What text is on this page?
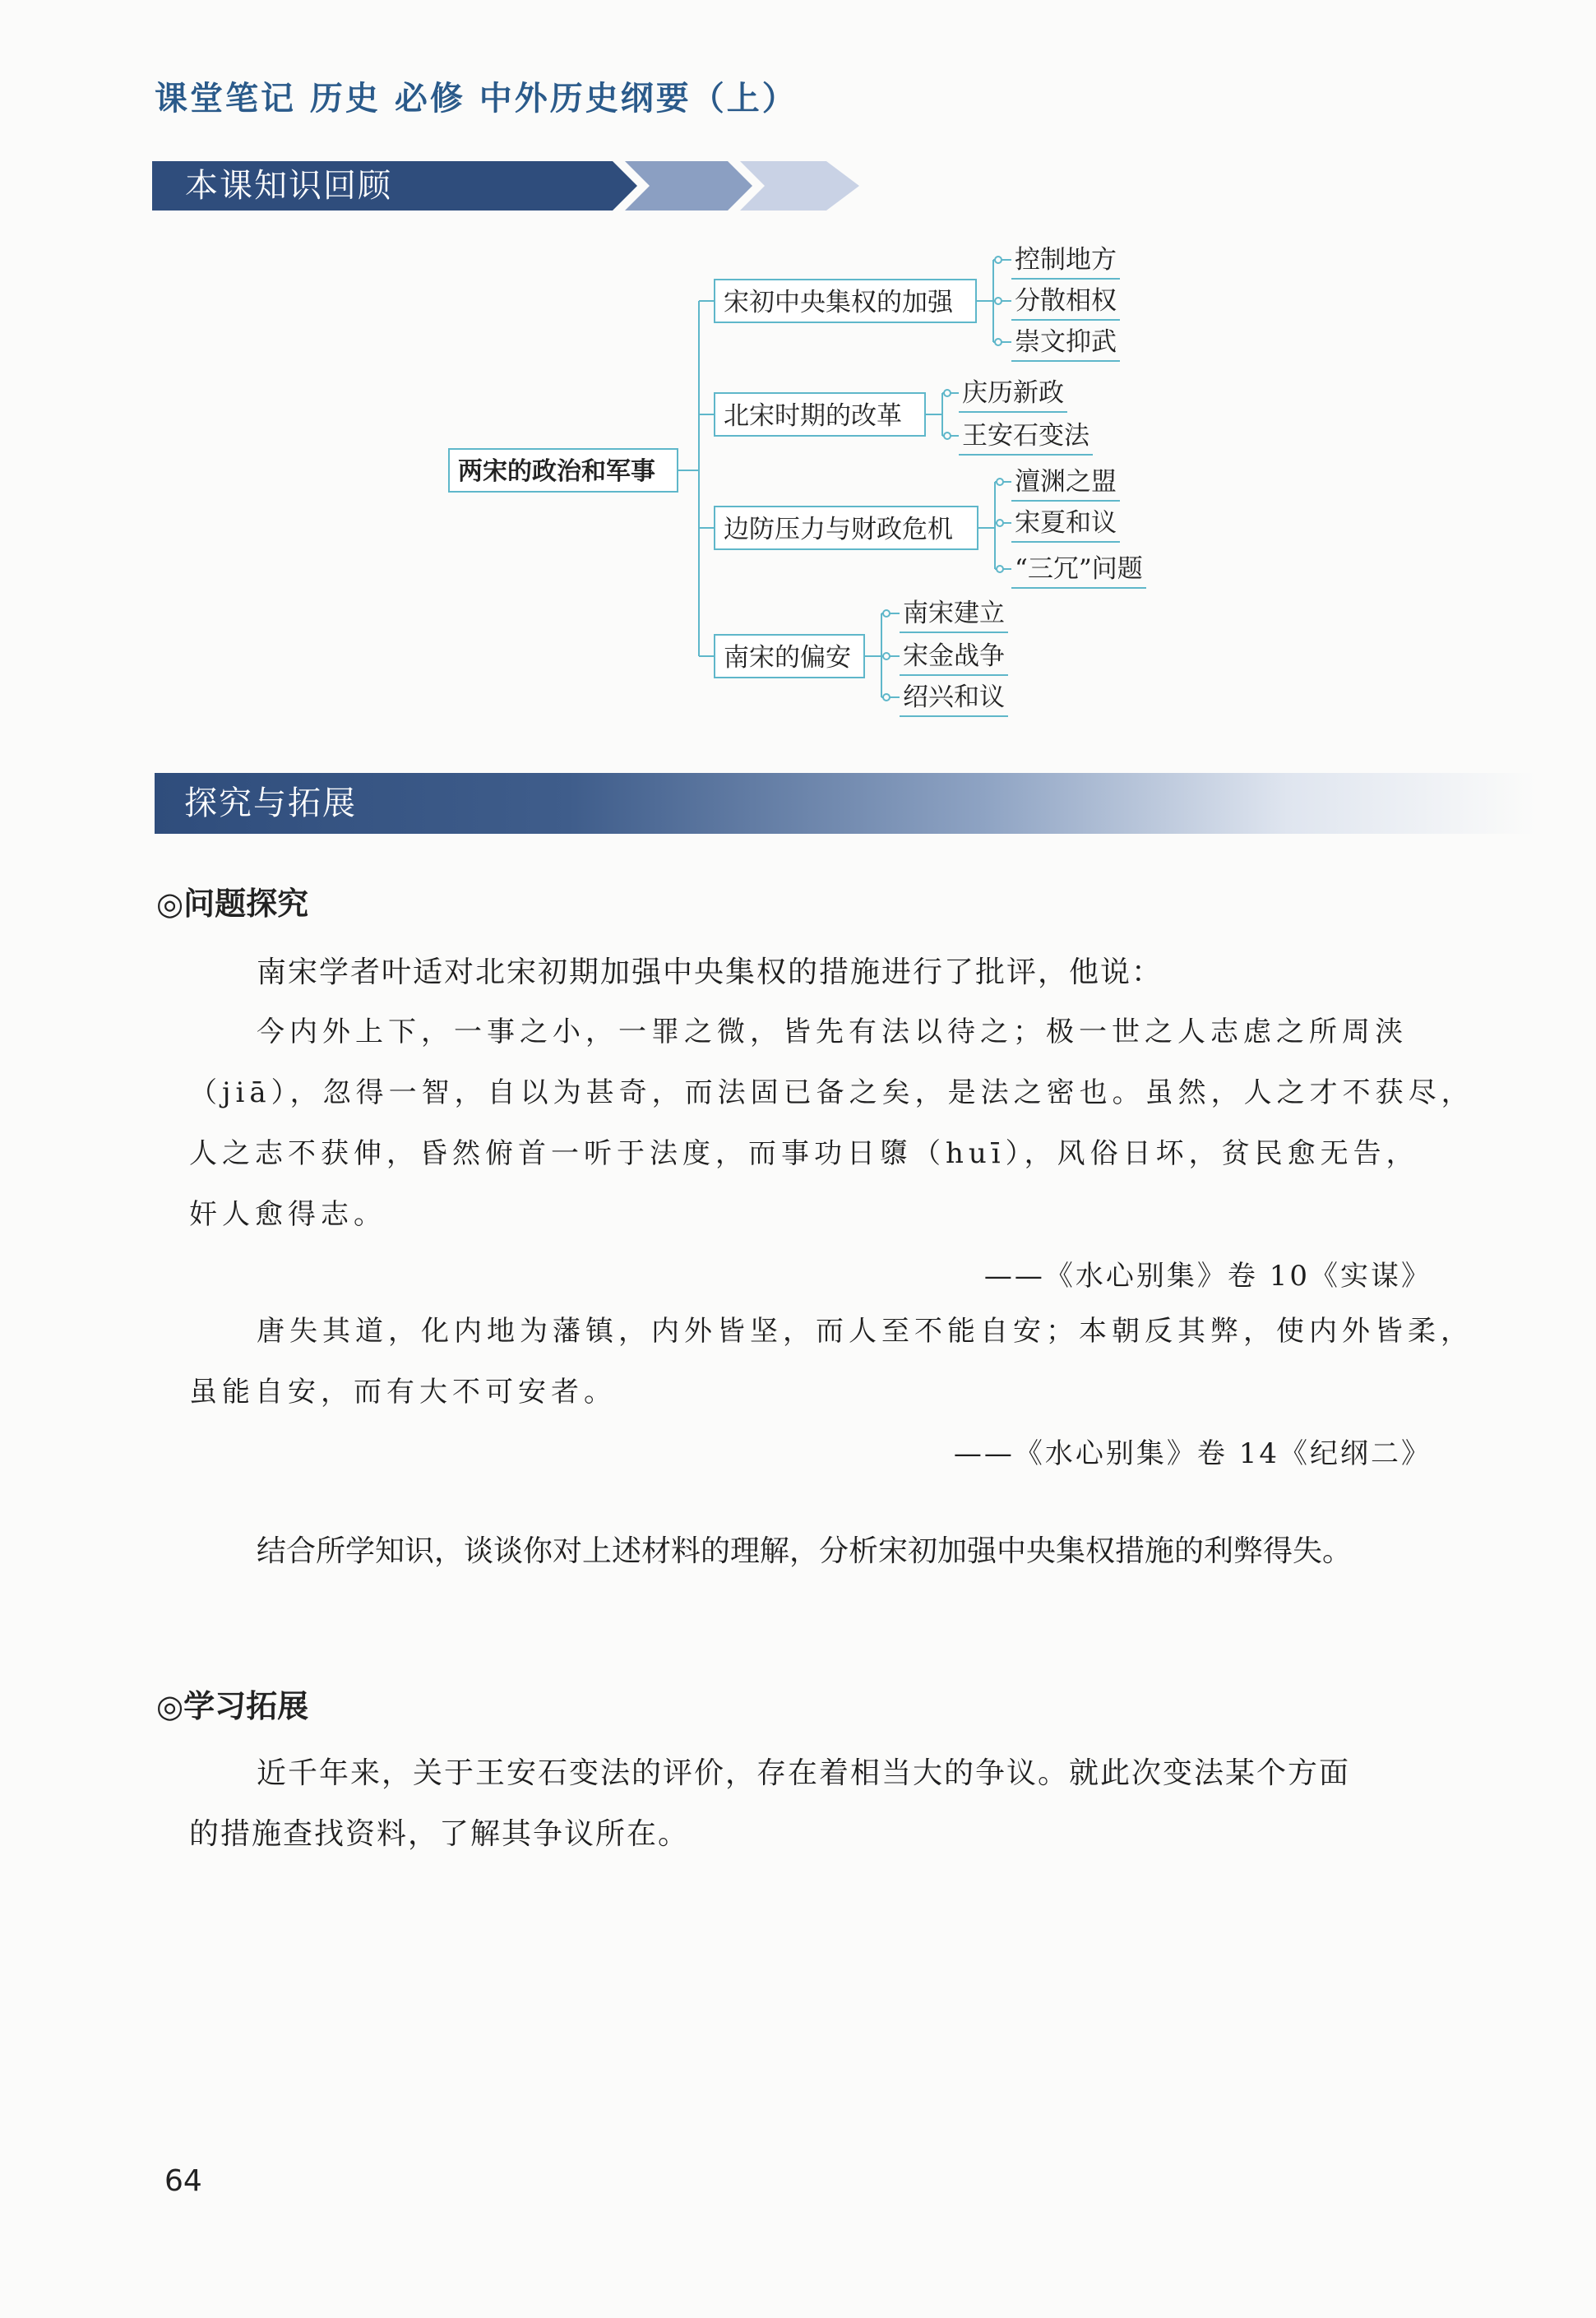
课堂笔记 历史 必修 中外历史纲要（上）
本课知识回顾
两宋的政治和军事
宋初中央集权的加强
北宋时期的改革
边防压力与财政危机
南宋的偏安
控制地方
分散相权
崇文抑武
庆历新政
王安石变法
澶渊之盟
宋夏和议
“三冗”问题
南宋建立
宋金战争
绍兴和议
探究与拓展
◎问题探究
南宋学者叶适对北宋初期加强中央集权的措施进行了批评，他说：
今内外上下，一事之小，一罪之微，皆先有法以待之；极一世之人志虑之所周浃
（jiā），忽得一智，自以为甚奇，而法固已备之矣，是法之密也。虽然，人之才不获尽，
人之志不获伸，昏然俯首一听于法度，而事功日隳（huī），风俗日坏，贫民愈无告，
奸人愈得志。
——《水心别集》卷 10《实谋》
唐失其道，化内地为藩镇，内外皆坚，而人至不能自安；本朝反其弊，使内外皆柔，
虽能自安，而有大不可安者。
——《水心别集》卷 14《纪纲二》
结合所学知识，谈谈你对上述材料的理解，分析宋初加强中央集权措施的利弊得失。
◎学习拓展
近千年来，关于王安石变法的评价，存在着相当大的争议。就此次变法某个方面
的措施查找资料，了解其争议所在。
64
